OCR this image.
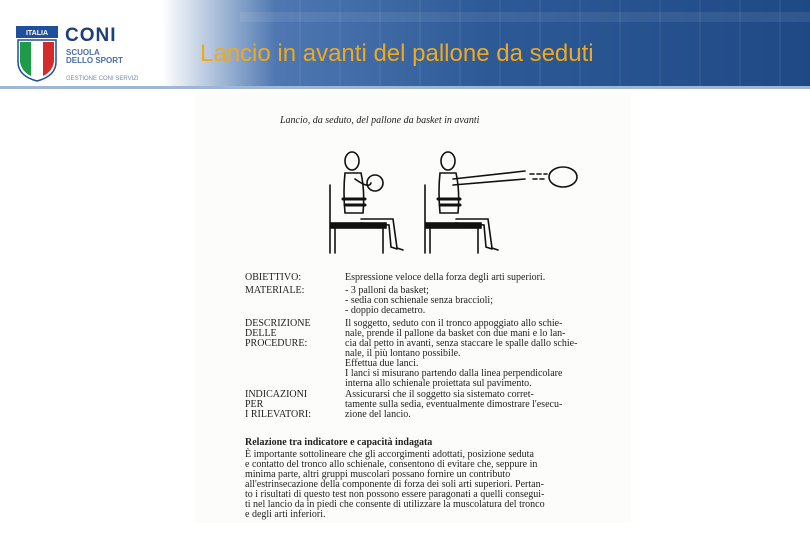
ITALIA CONI
SCUOLA DELLO SPORT
GESTIONE CONI SERVIZI
Lancio in avanti del pallone da seduti
Lancio, da seduto, del pallone da basket in avanti
OBIETTIVO:	Espressione veloce della forza degli arti superiori.
MATERIALE:	- 3 palloni da basket;
- sedia con schienale senza braccioli;
- doppio decametro.
DESCRIZIONE
DELLE
PROCEDURE:
Il soggetto, seduto con il tronco appoggiato allo schie-
nale, prende il pallone da basket con due mani e lo lan-
cia dal petto in avanti, senza staccare le spalle dallo schie-
nale, il più lontano possibile.
Effettua due lanci.
I lanci si misurano partendo dalla linea perpendicolare
interna allo schienale proiettata sul pavimento.
INDICAZIONI
PER
I RILEVATORI:
Assicurarsi che il soggetto sia sistemato corret-
tamente sulla sedia, eventualmente dimostrare l'esecu-
zione del lancio.
Relazione tra indicatore e capacità indagata
È importante sottolineare che gli accorgimenti adottati, posizione seduta
e contatto del tronco allo schienale, consentono di evitare che, seppure in
minima parte, altri gruppi muscolari possano fornire un contributo
all'estrinsecazione della componente di forza dei soli arti superiori. Pertan-
to i risultati di questo test non possono essere paragonati a quelli consegui-
ti nel lancio da in piedi che consente di utilizzare la muscolatura del tronco
e degli arti inferiori.
